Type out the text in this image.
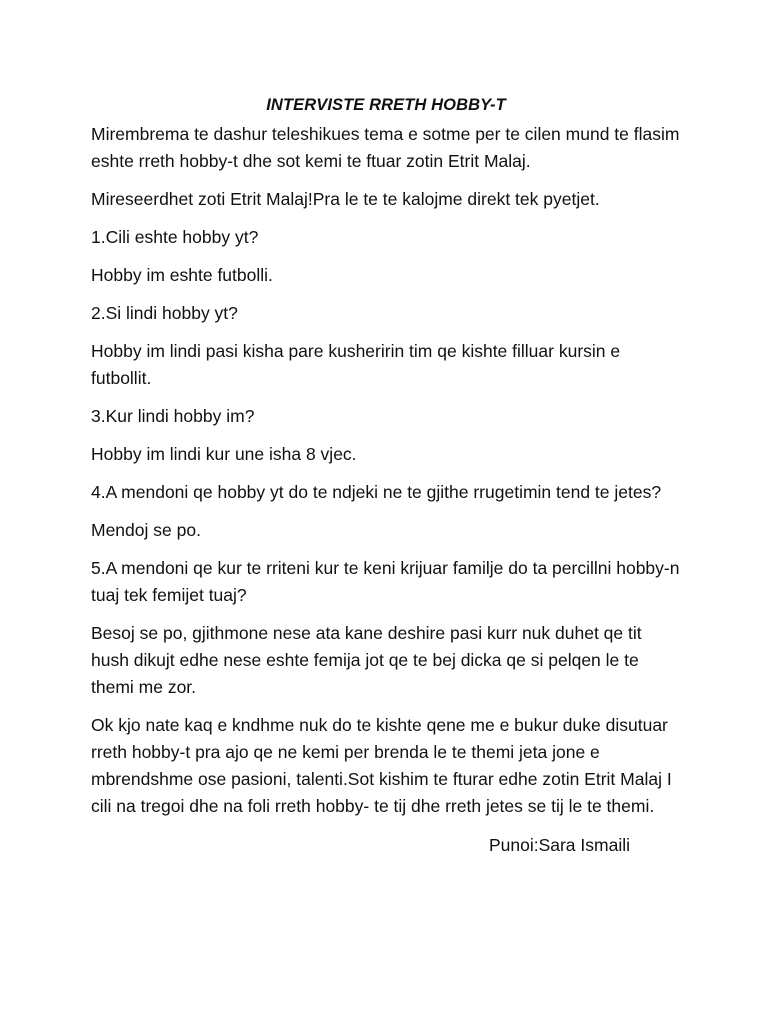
INTERVISTE RRETH HOBBY-T

Mirembrema te dashur teleshikues tema e sotme per te cilen mund te flasim eshte rreth hobby-t dhe sot kemi te ftuar zotin Etrit Malaj.

Mireseerdhet zoti Etrit Malaj!Pra le te te kalojme direkt tek pyetjet.

1.Cili eshte hobby yt?

Hobby im eshte futbolli.

2.Si lindi hobby yt?

Hobby im lindi pasi kisha pare kusheririn tim qe kishte filluar kursin e futbollit.

3.Kur lindi hobby im?

Hobby im lindi kur une isha 8 vjec.

4.A mendoni qe hobby yt do te ndjeki ne te gjithe rrugetimin tend te jetes?

Mendoj se po.

5.A mendoni qe kur te rriteni kur te keni krijuar familje do ta percillni hobby-n tuaj tek femijet tuaj?

Besoj se po, gjithmone nese ata kane deshire pasi kurr nuk duhet qe tit hush dikujt edhe nese eshte femija jot qe te bej dicka qe si pelqen le te themi me zor.

Ok kjo nate kaq e kndhme nuk do te kishte qene me e bukur duke disutuar rreth hobby-t pra ajo qe ne kemi per brenda le te themi jeta jone e mbrendshme ose pasioni, talenti.Sot kishim te fturar edhe zotin Etrit Malaj I cili na tregoi dhe na foli rreth hobby- te tij dhe rreth jetes se tij le te themi.

Punoi:Sara Ismaili
